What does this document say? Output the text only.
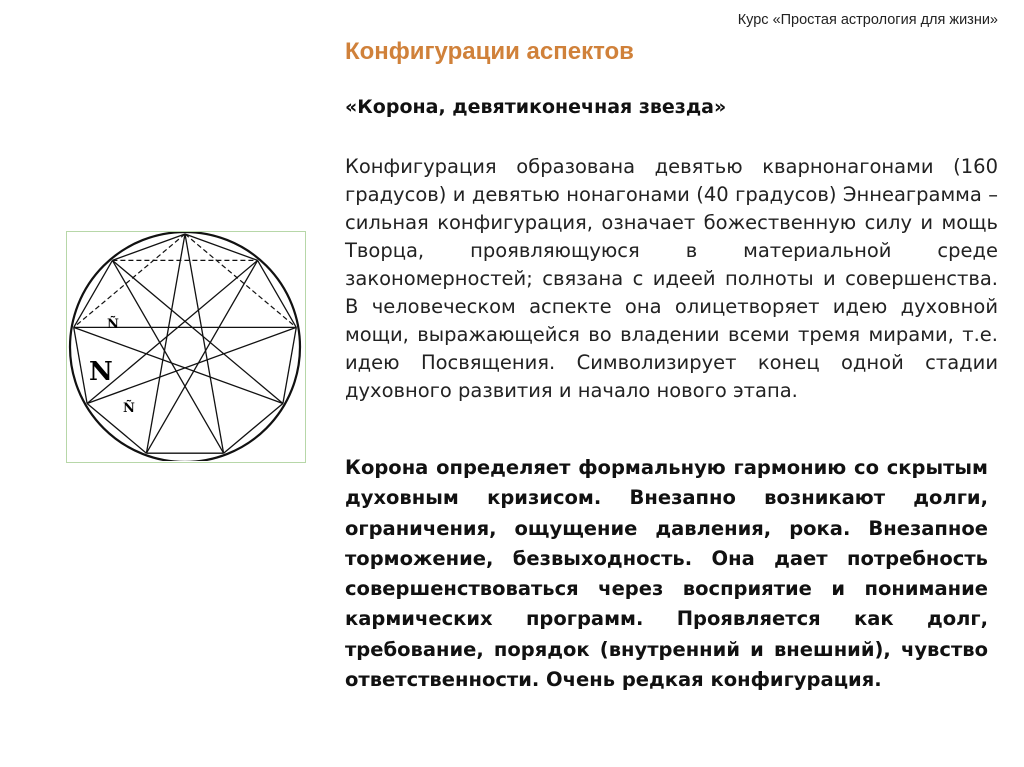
Курс «Простая астрология для жизни»
Конфигурации аспектов
«Корона, девятиконечная звезда»

Конфигурация образована девятью кварнонагонами (160 градусов) и девятью нонагонами (40 градусов) Эннеаграмма – сильная конфигурация, означает божественную силу и мощь Творца, проявляющуюся в материальной среде закономерностей; связана с идеей полноты и совершенства. В человеческом аспекте она олицетворяет идею духовной мощи, выражающейся во владении всеми тремя мирами, т.е. идею Посвящения. Символизирует конец одной стадии духовного развития и начало нового этапа.

Корона определяет формальную гармонию со скрытым духовным кризисом. Внезапно возникают долги, ограничения, ощущение давления, рока. Внезапное торможение, безвыходность. Она дает потребность совершенствоваться через восприятие и понимание кармических программ. Проявляется как долг, требование, порядок (внутренний и внешний), чувство ответственности. Очень редкая конфигурация.

Ñ
N
Ñ
